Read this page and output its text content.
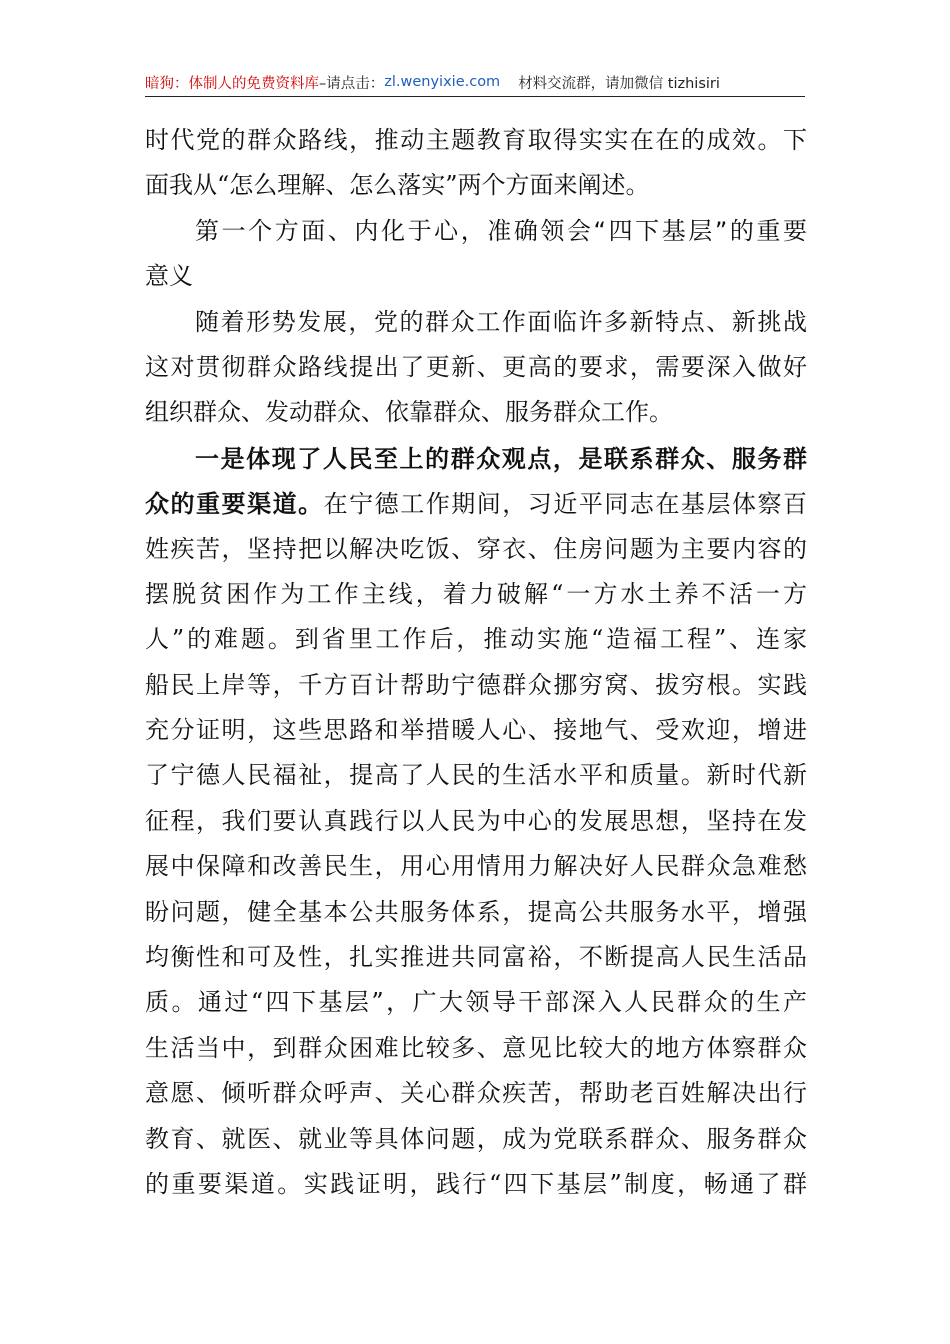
暗狗：体制人的免费资料库 –请点击： zl.wenyixie.com 材料交流群，请加微信 tizhisiri
时代党的群众路线，推动主题教育取得实实在在的成效。下
面我从“怎么理解、怎么落实”两个方面来阐述。
第一个方面、内化于心，准确领会“四下基层”的重要
意义
随着形势发展，党的群众工作面临许多新特点、新挑战
这对贯彻群众路线提出了更新、更高的要求，需要深入做好
组织群众、发动群众、依靠群众、服务群众工作。
一是体现了人民至上的群众观点，是联系群众、服务群
众的重要渠道。在宁德工作期间，习近平同志在基层体察百
姓疾苦，坚持把以解决吃饭、穿衣、住房问题为主要内容的
摆脱贫困作为工作主线，着力破解“一方水土养不活一方
人”的难题。到省里工作后，推动实施“造福工程”、连家
船民上岸等，千方百计帮助宁德群众挪穷窝、拔穷根。实践
充分证明，这些思路和举措暖人心、接地气、受欢迎，增进
了宁德人民福祉，提高了人民的生活水平和质量。新时代新
征程，我们要认真践行以人民为中心的发展思想，坚持在发
展中保障和改善民生，用心用情用力解决好人民群众急难愁
盼问题，健全基本公共服务体系，提高公共服务水平，增强
均衡性和可及性，扎实推进共同富裕，不断提高人民生活品
质。通过“四下基层”，广大领导干部深入人民群众的生产
生活当中，到群众困难比较多、意见比较大的地方体察群众
意愿、倾听群众呼声、关心群众疾苦，帮助老百姓解决出行
教育、就医、就业等具体问题，成为党联系群众、服务群众
的重要渠道。实践证明，践行“四下基层”制度，畅通了群
